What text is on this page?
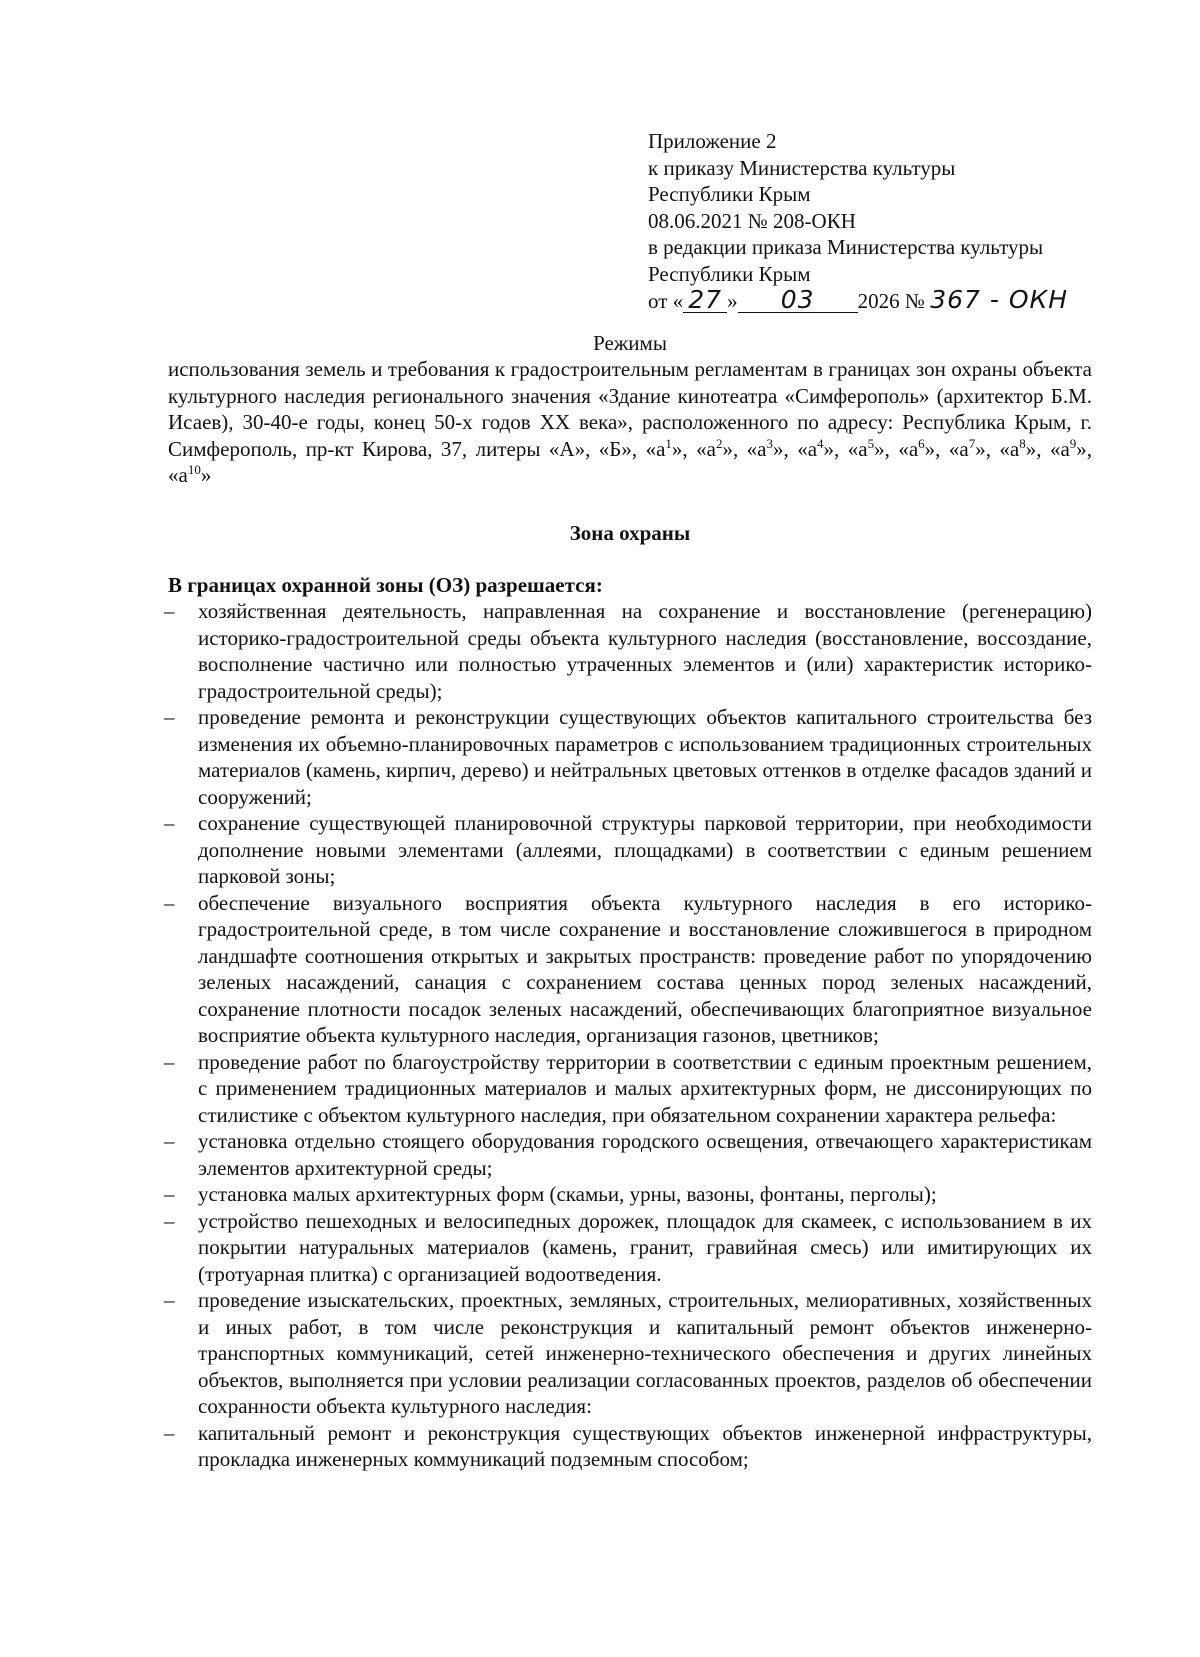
Приложение 2
к приказу Министерства культуры
Республики Крым
08.06.2021 № 208-ОКН
в редакции приказа Министерства культуры
Республики Крым
от « 27 » 03 2026 № 367 - ОКН
Режимы
использования земель и требования к градостроительным регламентам в границах зон охраны объекта культурного наследия регионального значения «Здание кинотеатра «Симферополь» (архитектор Б.М. Исаев), 30-40-е годы, конец 50-х годов XX века», расположенного по адресу: Республика Крым, г. Симферополь, пр-кт Кирова, 37, литеры «А», «Б», «$а^1$», «$а^2$», «$а^3$», «$а^4$», «$а^5$», «$а^6$», «$а^7$», «$а^8$», «$а^9$», «$а^{10}$»
Зона охраны
В границах охранной зоны (ОЗ) разрешается:
– хозяйственная деятельность, направленная на сохранение и восстановление (регенерацию) историко-градостроительной среды объекта культурного наследия (восстановление, воссоздание, восполнение частично или полностью утраченных элементов и (или) характеристик историко-градостроительной среды);
– проведение ремонта и реконструкции существующих объектов капитального строительства без изменения их объемно-планировочных параметров с использованием традиционных строительных материалов (камень, кирпич, дерево) и нейтральных цветовых оттенков в отделке фасадов зданий и сооружений;
– сохранение существующей планировочной структуры парковой территории, при необходимости дополнение новыми элементами (аллеями, площадками) в соответствии с единым решением парковой зоны;
– обеспечение визуального восприятия объекта культурного наследия в его историко-градостроительной среде, в том числе сохранение и восстановление сложившегося в природном ландшафте соотношения открытых и закрытых пространств: проведение работ по упорядочению зеленых насаждений, санация с сохранением состава ценных пород зеленых насаждений, сохранение плотности посадок зеленых насаждений, обеспечивающих благоприятное визуальное восприятие объекта культурного наследия, организация газонов, цветников;
– проведение работ по благоустройству территории в соответствии с единым проектным решением, с применением традиционных материалов и малых архитектурных форм, не диссонирующих по стилистике с объектом культурного наследия, при обязательном сохранении характера рельефа:
– установка отдельно стоящего оборудования городского освещения, отвечающего характеристикам элементов архитектурной среды;
– установка малых архитектурных форм (скамьи, урны, вазоны, фонтаны, перголы);
– устройство пешеходных и велосипедных дорожек, площадок для скамеек, с использованием в их покрытии натуральных материалов (камень, гранит, гравийная смесь) или имитирующих их (тротуарная плитка) с организацией водоотведения.
– проведение изыскательских, проектных, земляных, строительных, мелиоративных, хозяйственных и иных работ, в том числе реконструкция и капитальный ремонт объектов инженерно-транспортных коммуникаций, сетей инженерно-технического обеспечения и других линейных объектов, выполняется при условии реализации согласованных проектов, разделов об обеспечении сохранности объекта культурного наследия:
– капитальный ремонт и реконструкция существующих объектов инженерной инфраструктуры, прокладка инженерных коммуникаций подземным способом;
